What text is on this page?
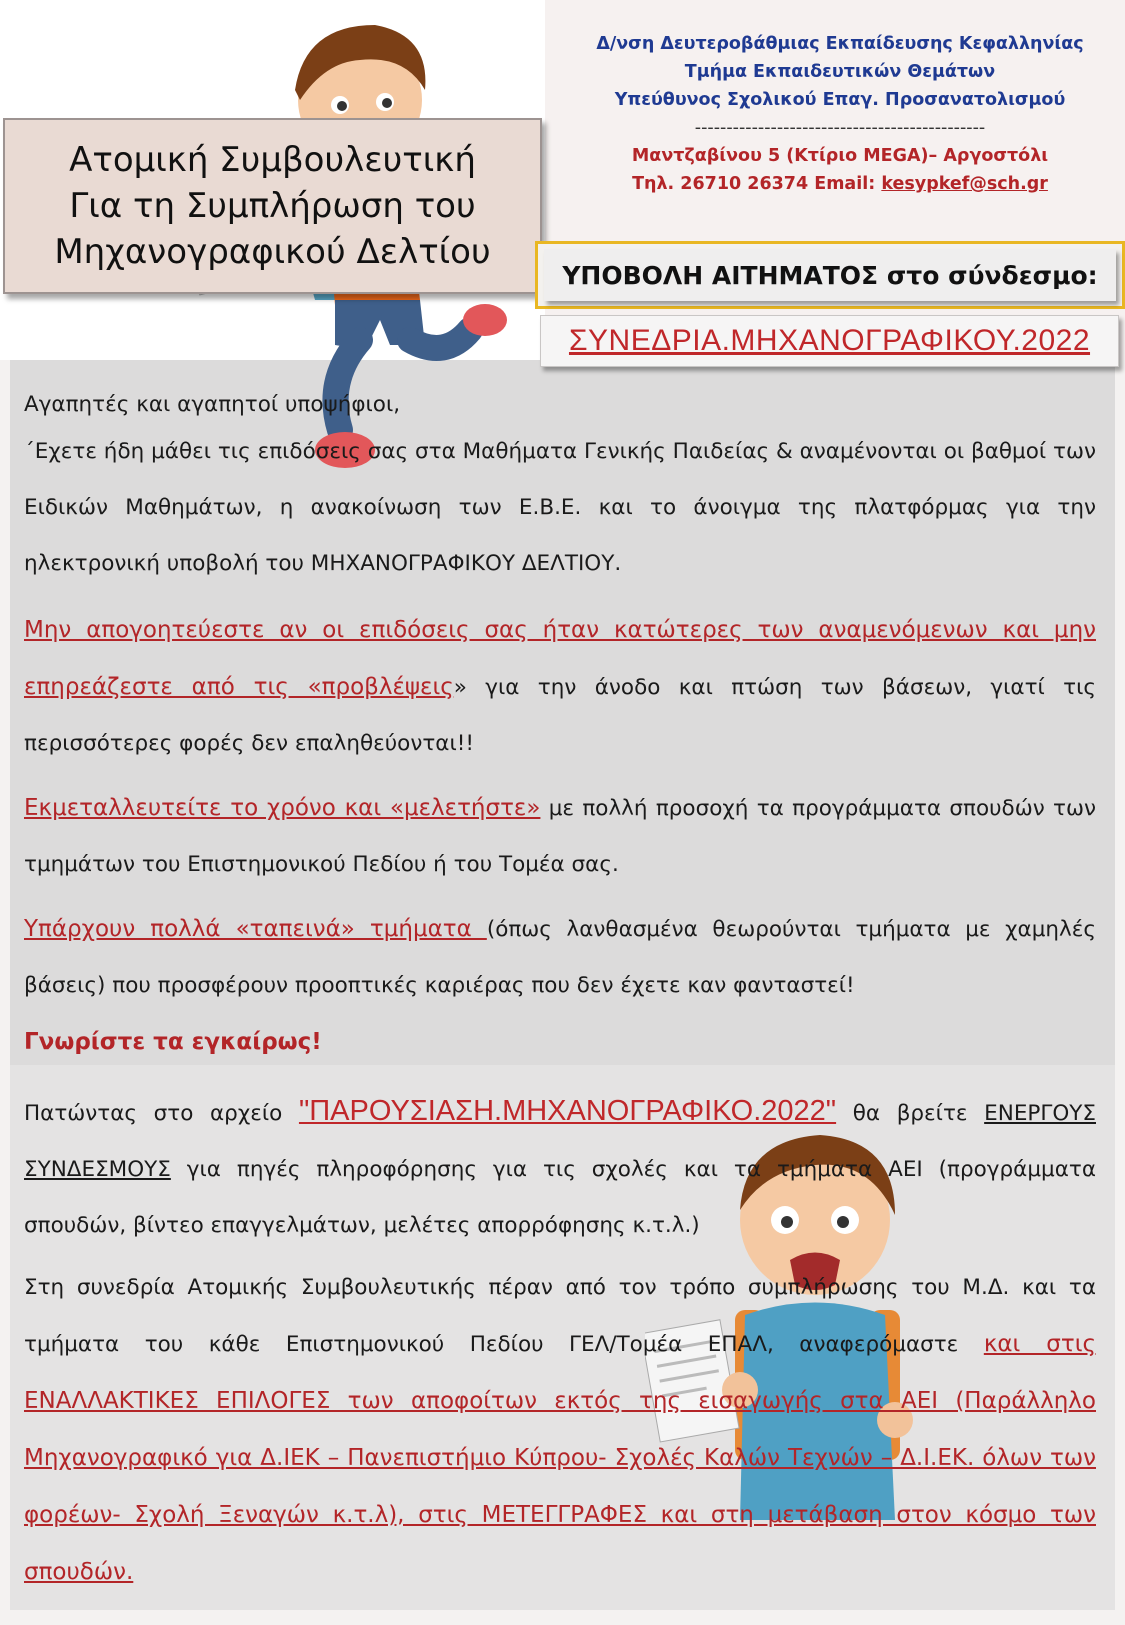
Ατομική Συμβουλευτική
Για τη Συμπλήρωση του
Μηχανογραφικού Δελτίου
Δ/νση Δευτεροβάθμιας Εκπαίδευσης Κεφαλληνίας
Τμήμα Εκπαιδευτικών Θεμάτων
Υπεύθυνος Σχολικού Επαγ. Προσανατολισμού
----------------------------------------------
Μαντζαβίνου 5 (Κτίριο MEGA)– Αργοστόλι
Τηλ. 26710 26374 Email: kesypkef@sch.gr
ΥΠΟΒΟΛΗ ΑΙΤΗΜΑΤΟΣ στο σύνδεσμο:
ΣΥΝΕΔΡΙΑ.ΜΗΧΑΝΟΓΡΑΦΙΚΟΥ.2022

Αγαπητές και αγαπητοί υποψήφιοι,

΄Εχετε ήδη μάθει τις επιδόσεις σας στα Μαθήματα Γενικής Παιδείας & αναμένονται οι βαθμοί των Ειδικών Μαθημάτων, η ανακοίνωση των Ε.Β.Ε. και το άνοιγμα της πλατφόρμας για την ηλεκτρονική υποβολή του ΜΗΧΑΝΟΓΡΑΦΙΚΟΥ ΔΕΛΤΙΟΥ.

Μην απογοητεύεστε αν οι επιδόσεις σας ήταν κατώτερες των αναμενόμενων και μην επηρεάζεστε από τις «προβλέψεις» για την άνοδο και πτώση των βάσεων, γιατί τις περισσότερες φορές δεν επαληθεύονται!!

Εκμεταλλευτείτε το χρόνο και «μελετήστε» με πολλή προσοχή τα προγράμματα σπουδών των τμημάτων του Επιστημονικού Πεδίου ή του Τομέα σας.

Υπάρχουν πολλά «ταπεινά» τμήματα (όπως λανθασμένα θεωρούνται τμήματα με χαμηλές βάσεις) που προσφέρουν προοπτικές καριέρας που δεν έχετε καν φανταστεί!
Γνωρίστε τα εγκαίρως!

Πατώντας στο αρχείο "ΠΑΡΟΥΣΙΑΣΗ.ΜΗΧΑΝΟΓΡΑΦΙΚΟ.2022" θα βρείτε ΕΝΕΡΓΟΥΣ ΣΥΝΔΕΣΜΟΥΣ για πηγές πληροφόρησης για τις σχολές και τα τμήματα ΑΕΙ (προγράμματα σπουδών, βίντεο επαγγελμάτων, μελέτες απορρόφησης κ.τ.λ.)

Στη συνεδρία Ατομικής Συμβουλευτικής πέραν από τον τρόπο συμπλήρωσης του Μ.Δ. και τα τμήματα του κάθε Επιστημονικού Πεδίου ΓΕΛ/Τομέα ΕΠΑΛ, αναφερόμαστε και στις ΕΝΑΛΛΑΚΤΙΚΕΣ ΕΠΙΛΟΓΕΣ των αποφοίτων εκτός της εισαγωγής στα ΑΕΙ (Παράλληλο Μηχανογραφικό για Δ.ΙΕΚ – Πανεπιστήμιο Κύπρου- Σχολές Καλών Τεχνών – Δ.Ι.ΕΚ. όλων των φορέων- Σχολή Ξεναγών κ.τ.λ), στις ΜΕΤΕΓΓΡΑΦΕΣ και στη μετάβαση στον κόσμο των σπουδών.
